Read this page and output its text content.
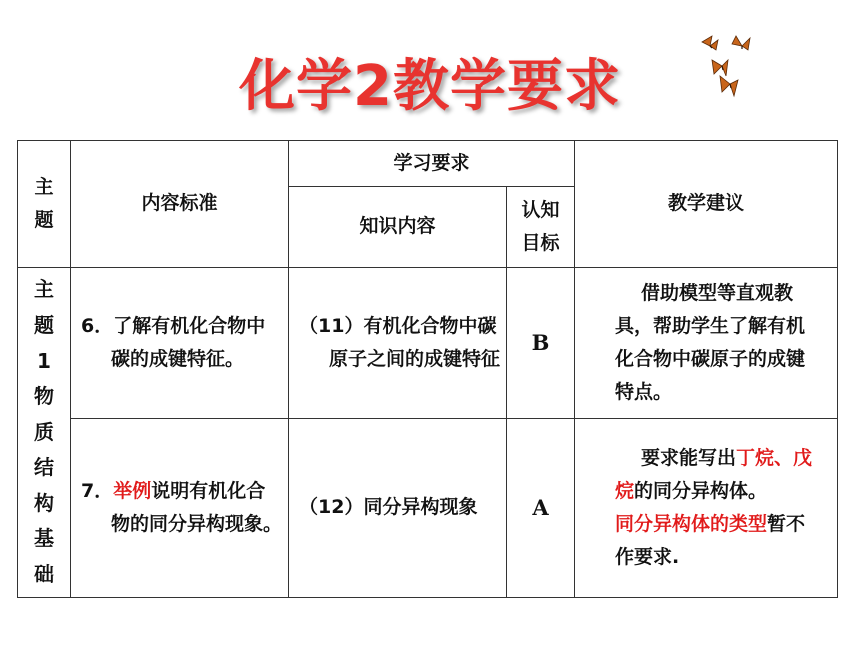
化学2教学要求
主题	内容标准	学习要求		教学建议
		知识内容	认知目标	
主题1物质结构基础	6．了解有机化合物中碳的成键特征。	（11）有机化合物中碳原子之间的成键特征	B	借助模型等直观教具，帮助学生了解有机化合物中碳原子的成键特点。
	7．举例说明有机化合物的同分异构现象。	（12）同分异构现象	A	要求能写出丁烷、戊烷的同分异构体。
同分异构体的类型暂不作要求.
